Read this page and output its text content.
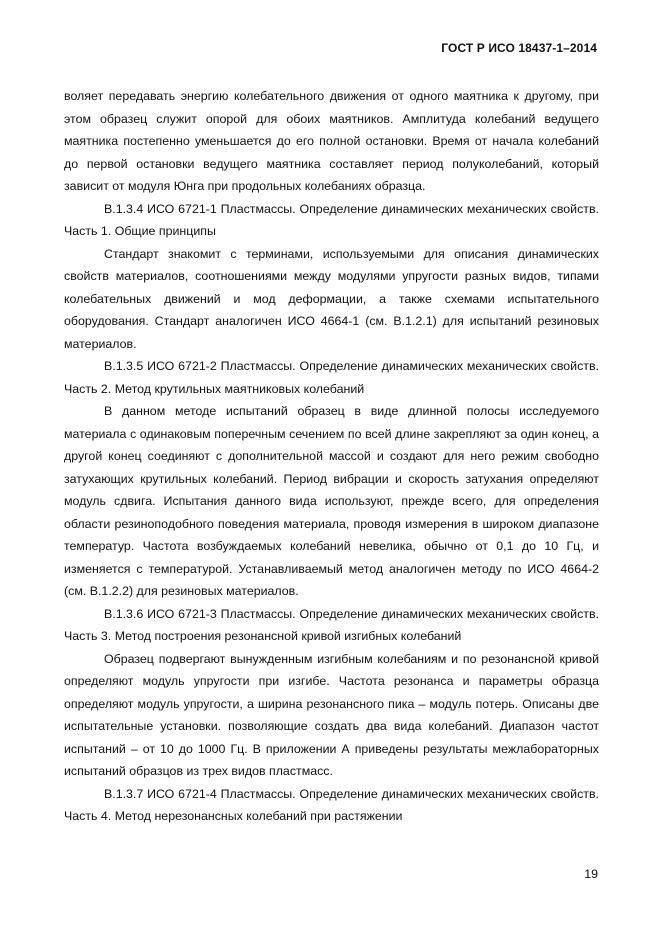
ГОСТ Р ИСО 18437-1–2014

воляет передавать энергию колебательного движения от одного маятника к другому, при этом образец служит опорой для обоих маятников. Амплитуда колебаний ведущего маятника постепенно уменьшается до его полной остановки. Время от начала колебаний до первой остановки ведущего маятника составляет период полуколебаний, который зависит от модуля Юнга при продольных колебаниях образца.

В.1.3.4 ИСО 6721-1 Пластмассы. Определение динамических механических свойств. Часть 1. Общие принципы

Стандарт знакомит с терминами, используемыми для описания динамических свойств материалов, соотношениями между модулями упругости разных видов, типами колебательных движений и мод деформации, а также схемами испытательного оборудования. Стандарт аналогичен ИСО 4664-1 (см. В.1.2.1) для испытаний резиновых материалов.

В.1.3.5 ИСО 6721-2 Пластмассы. Определение динамических механических свойств. Часть 2. Метод крутильных маятниковых колебаний

В данном методе испытаний образец в виде длинной полосы исследуемого материала с одинаковым поперечным сечением по всей длине закрепляют за один конец, а другой конец соединяют с дополнительной массой и создают для него режим свободно затухающих крутильных колебаний. Период вибрации и скорость затухания определяют модуль сдвига. Испытания данного вида используют, прежде всего, для определения области резиноподобного поведения материала, проводя измерения в широком диапазоне температур. Частота возбуждаемых колебаний невелика, обычно от 0,1 до 10 Гц, и изменяется с температурой. Устанавливаемый метод аналогичен методу по ИСО 4664-2 (см. В.1.2.2) для резиновых материалов.

В.1.3.6 ИСО 6721-3 Пластмассы. Определение динамических механических свойств. Часть 3. Метод построения резонансной кривой изгибных колебаний

Образец подвергают вынужденным изгибным колебаниям и по резонансной кривой определяют модуль упругости при изгибе. Частота резонанса и параметры образца определяют модуль упругости, а ширина резонансного пика – модуль потерь. Описаны две испытательные установки. позволяющие создать два вида колебаний. Диапазон частот испытаний – от 10 до 1000 Гц. В приложении А приведены результаты межлабораторных испытаний образцов из трех видов пластмасс.

В.1.3.7 ИСО 6721-4 Пластмассы. Определение динамических механических свойств. Часть 4. Метод нерезонансных колебаний при растяжении

19
